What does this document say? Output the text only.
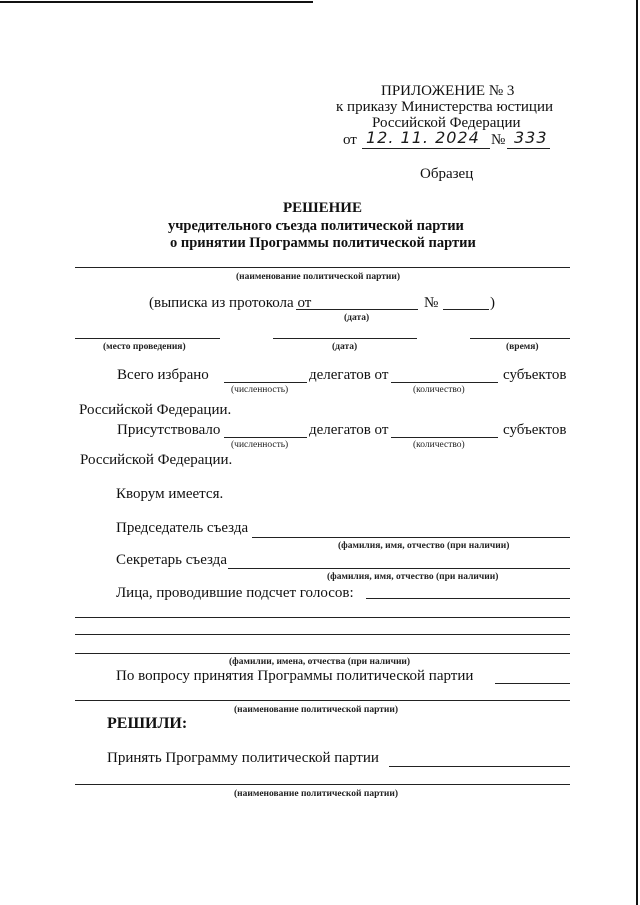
ПРИЛОЖЕНИЕ № 3
к приказу Министерства юстиции
Российской Федерации
от 12. 11. 2024 № 333
Образец
РЕШЕНИЕ
учредительного съезда политической партии
о принятии Программы политической партии
(наименование политической партии)
(выписка из протокола от	№	)
(дата)
(место проведения)	(дата)	(время)
Всего избрано	делегатов от	субъектов
(численность)	(количество)
Российской Федерации.
Присутствовало	делегатов от	субъектов
(численность)	(количество)
Российской Федерации.
Кворум имеется.
Председатель съезда
(фамилия, имя, отчество (при наличии)
Секретарь съезда
(фамилия, имя, отчество (при наличии)
Лица, проводившие подсчет голосов:
(фамилии, имена, отчества (при наличии)
По вопросу принятия Программы политической партии
(наименование политической партии)
РЕШИЛИ:
Принять Программу политической партии
(наименование политической партии)
